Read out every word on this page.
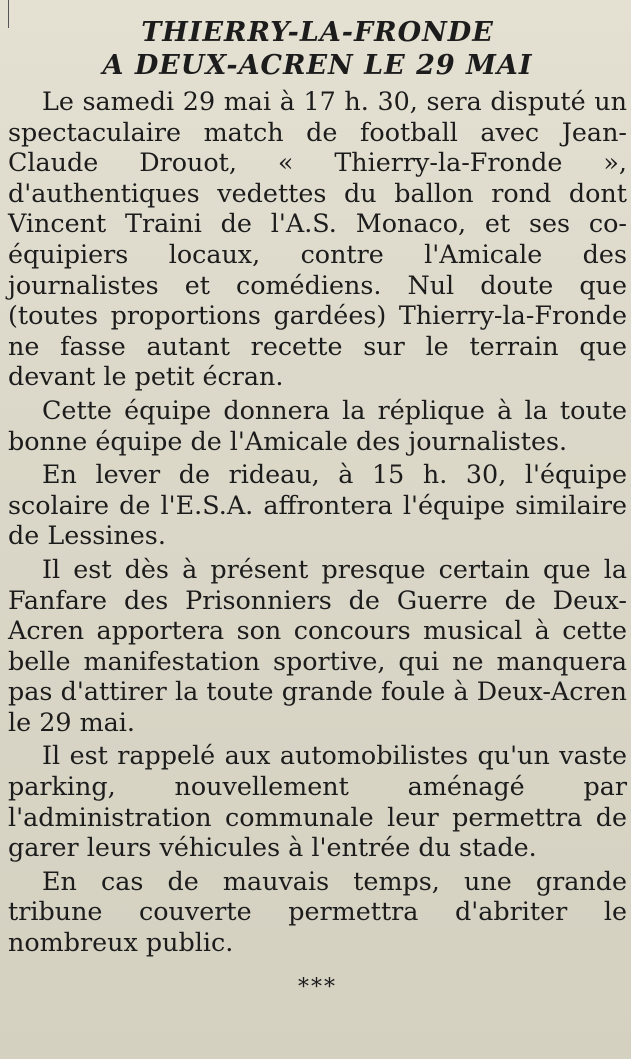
THIERRY-LA-FRONDE
A DEUX-ACREN LE 29 MAI

Le samedi 29 mai à 17 h. 30, sera disputé un spectaculaire match de football avec Jean-Claude Drouot, « Thierry-la-Fronde », d'authentiques vedettes du ballon rond dont Vincent Traini de l'A.S. Monaco, et ses co-équipiers locaux, contre l'Amicale des journalistes et comédiens. Nul doute que (toutes proportions gardées) Thierry-la-Fronde ne fasse autant recette sur le terrain que devant le petit écran.

Cette équipe donnera la réplique à la toute bonne équipe de l'Amicale des journalistes.

En lever de rideau, à 15 h. 30, l'équipe scolaire de l'E.S.A. affrontera l'équipe similaire de Lessines.

Il est dès à présent presque certain que la Fanfare des Prisonniers de Guerre de Deux-Acren apportera son concours musical à cette belle manifestation sportive, qui ne manquera pas d'attirer la toute grande foule à Deux-Acren le 29 mai.

Il est rappelé aux automobilistes qu'un vaste parking, nouvellement aménagé par l'administration communale leur permettra de garer leurs véhicules à l'entrée du stade.

En cas de mauvais temps, une grande tribune couverte permettra d'abriter le nombreux public.

***
